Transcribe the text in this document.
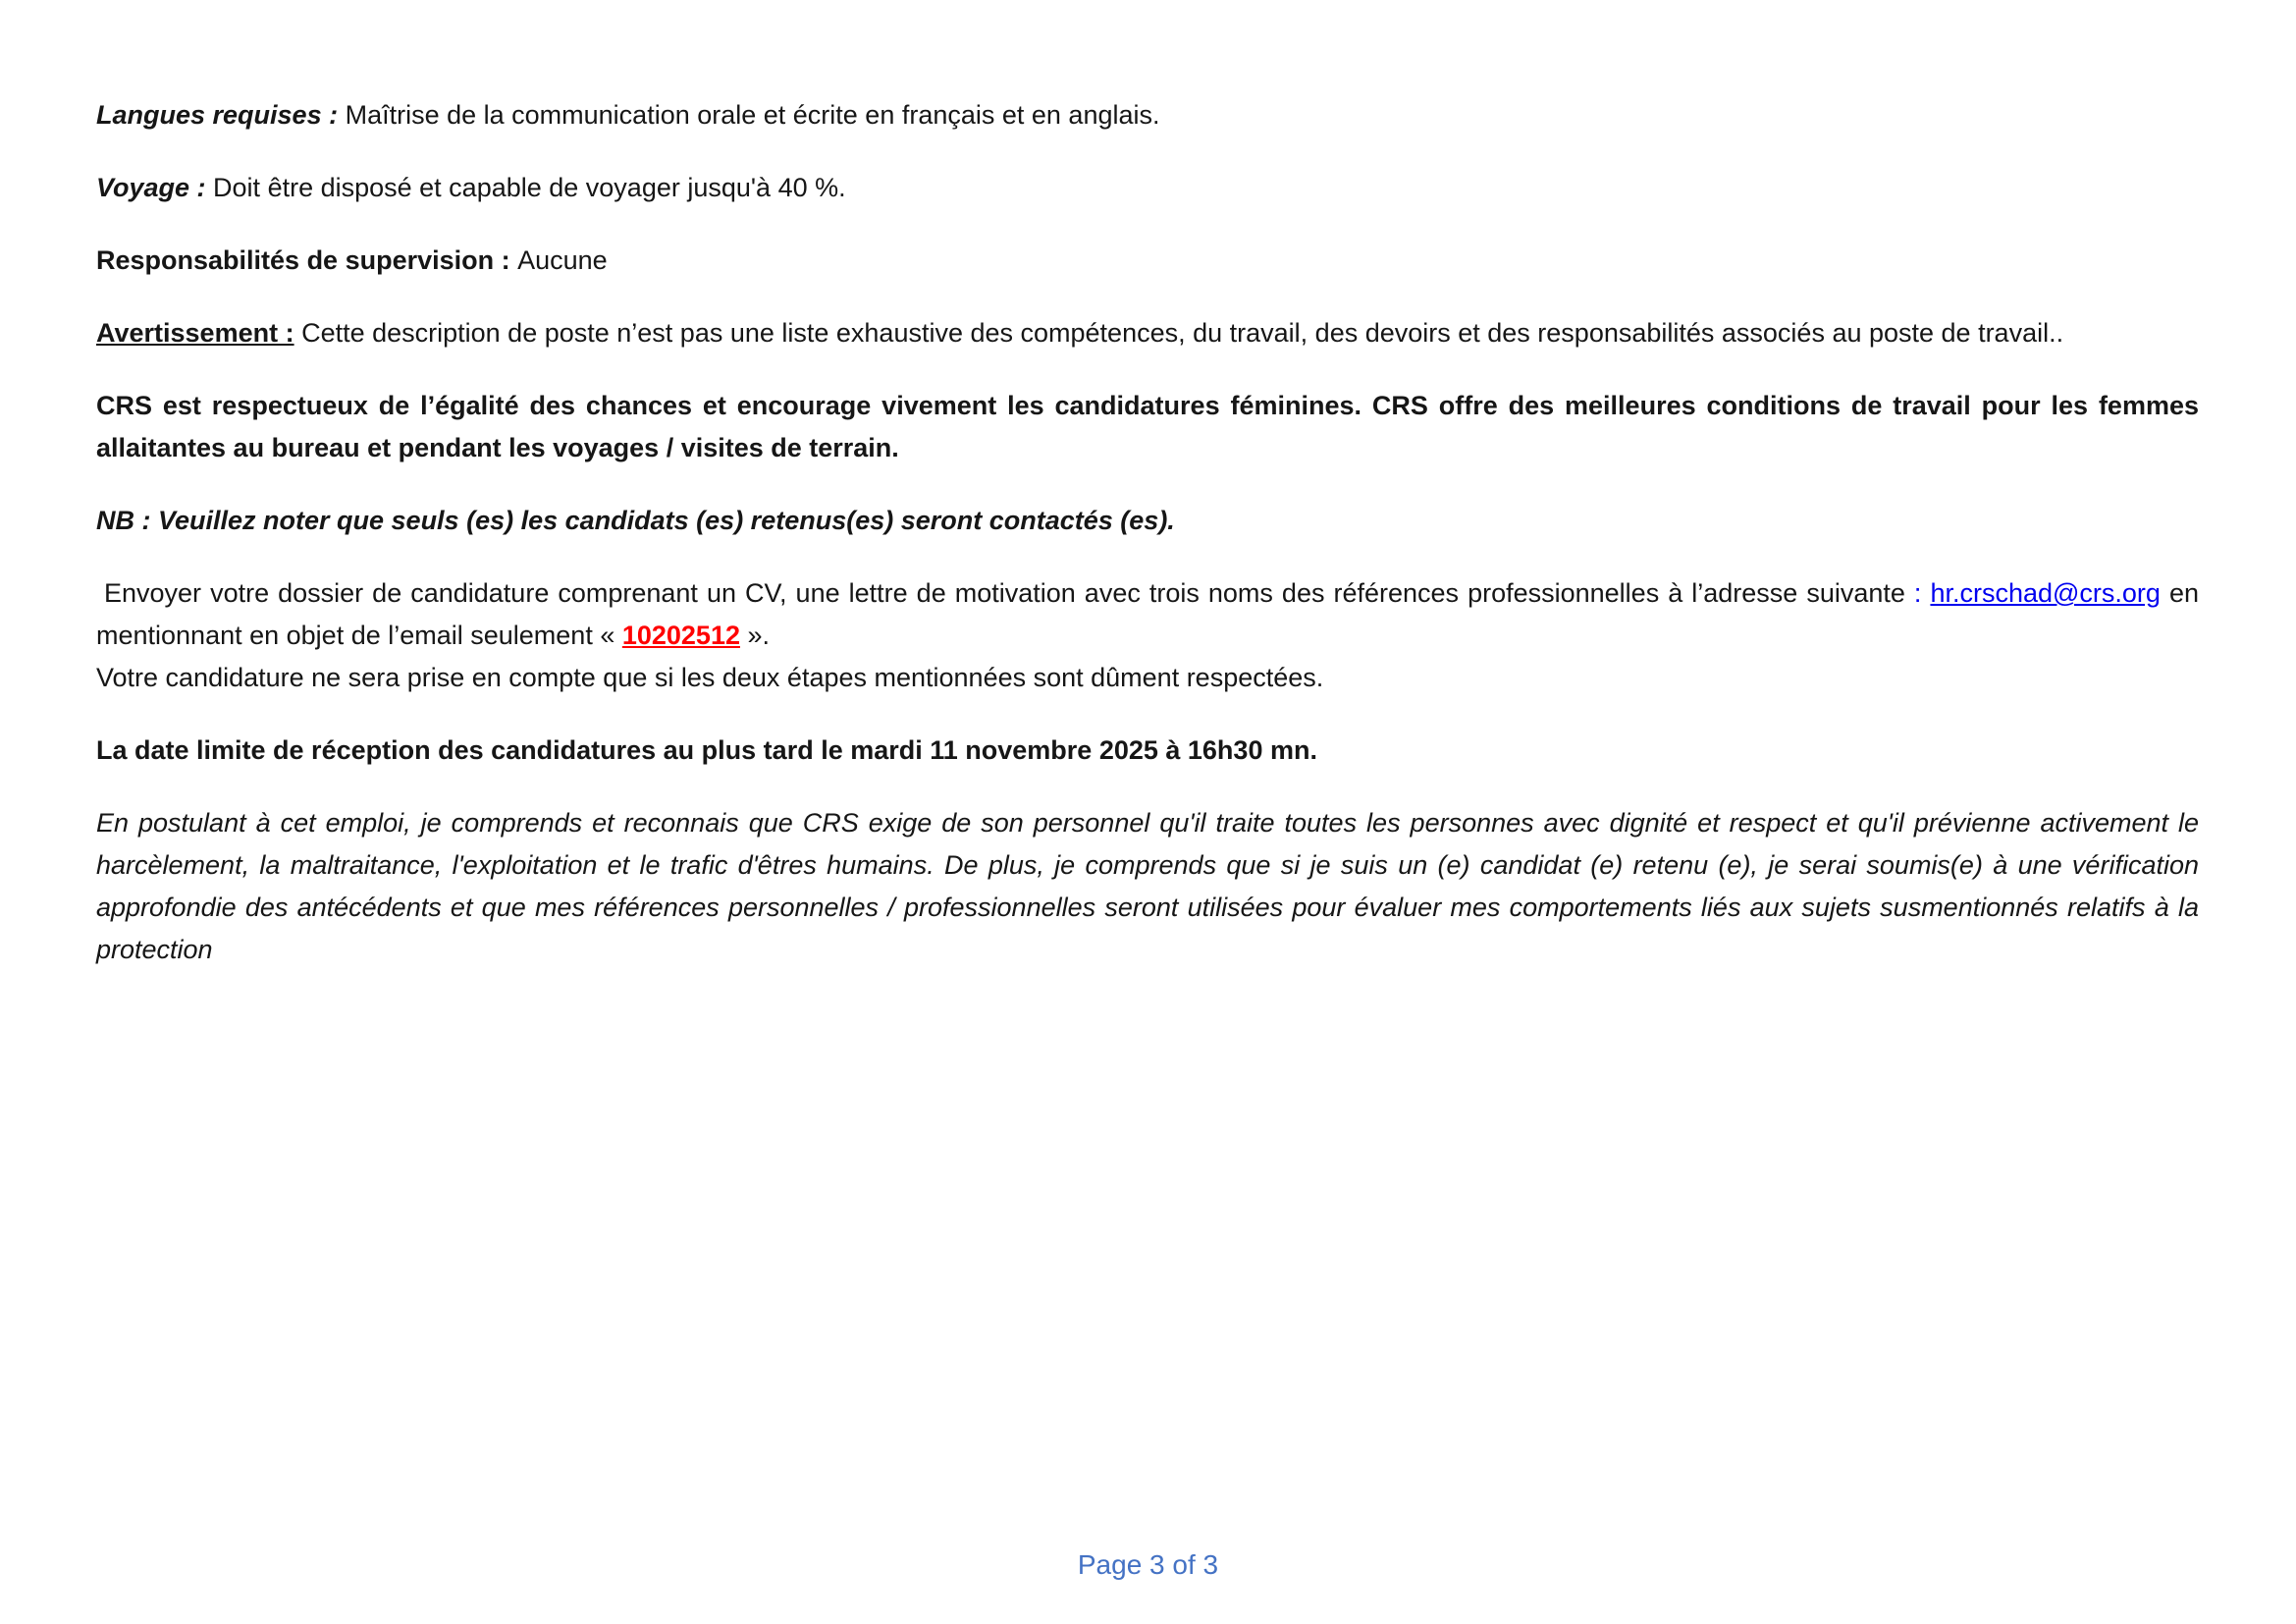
Langues requises : Maîtrise de la communication orale et écrite en français et en anglais.

Voyage : Doit être disposé et capable de voyager jusqu'à 40 %.

Responsabilités de supervision : Aucune

Avertissement : Cette description de poste n’est pas une liste exhaustive des compétences, du travail, des devoirs et des responsabilités associés au poste de travail..

CRS est respectueux de l’égalité des chances et encourage vivement les candidatures féminines. CRS offre des meilleures conditions de travail pour les femmes allaitantes au bureau et pendant les voyages / visites de terrain.

NB : Veuillez noter que seuls (es) les candidats (es) retenus(es) seront contactés (es).

Envoyer votre dossier de candidature comprenant un CV, une lettre de motivation avec trois noms des références professionnelles à l’adresse suivante : hr.crschad@crs.org en mentionnant en objet de l’email seulement « 10202512 ».
Votre candidature ne sera prise en compte que si les deux étapes mentionnées sont dûment respectées.

La date limite de réception des candidatures au plus tard le mardi 11 novembre 2025 à 16h30 mn.

En postulant à cet emploi, je comprends et reconnais que CRS exige de son personnel qu'il traite toutes les personnes avec dignité et respect et qu'il prévienne activement le harcèlement, la maltraitance, l'exploitation et le trafic d'êtres humains. De plus, je comprends que si je suis un (e) candidat (e) retenu (e), je serai soumis(e) à une vérification approfondie des antécédents et que mes références personnelles / professionnelles seront utilisées pour évaluer mes comportements liés aux sujets susmentionnés relatifs à la protection

Page 3 of 3
